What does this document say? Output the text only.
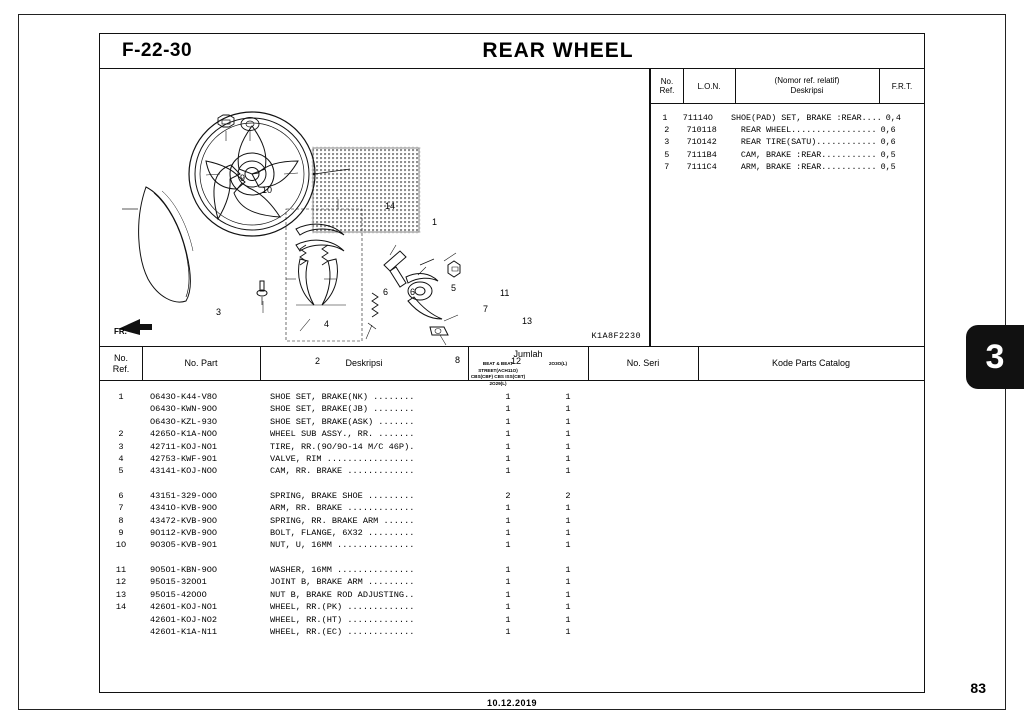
F-22-30	REAR WHEEL
9
10
14
1
3
6 6
4
2
5
7
8
11
12
13
FR.	K1A8F2230
No.
Ref.	L.O.N.
(Nomor ref. relatif)
Deskripsi	F.R.T.
1	71114O	SHOE(PAD) SET, BRAKE :REAR.... 0,4
2	710118	REAR WHEEL................. 0,6
3	71O142	REAR TIRE(SATU)............ 0,6
5	7111B4	CAM, BRAKE :REAR........... 0,5
7	7111C4	ARM, BRAKE :REAR........... 0,5
No.
Ref.
No. Part	Deskripsi
Jumlah
BEAT & BEAT STREET(ACH11O)
CBS(CBF) CBS ISS(CBT)
2O29(L)
2O3O(L)	No. Seri	Kode Parts Catalog
1	O643O-K44-V8O	SHOE SET, BRAKE(NK) ........	1	1
O643O-KWN-9OO	SHOE SET, BRAKE(JB) ........	1	1
O643O-KZL-93O	SHOE SET, BRAKE(ASK) .......	1	1
2	4265O-K1A-NOO	WHEEL SUB ASSY., RR. .......	1	1
3	42711-KOJ-NO1	TIRE, RR.(9O/9O-14 M/C 46P).	1	1
4	42753-KWF-9O1	VALVE, RIM .................	1	1
5	43141-KOJ-NOO	CAM, RR. BRAKE .............	1	1
6	43151-329-OOO	SPRING, BRAKE SHOE .........	2	2
7	4341O-KVB-9OO	ARM, RR. BRAKE .............	1	1
8	43472-KVB-9OO	SPRING, RR. BRAKE ARM ......	1	1
9	9O112-KVB-9OO	BOLT, FLANGE, 6X32 .........	1	1
1O	9O3O5-KVB-9O1	NUT, U, 16MM ...............	1	1
11	9O5O1-KBN-9OO	WASHER, 16MM ...............	1	1
12	95O15-32OO1	JOINT B, BRAKE ARM .........	1	1
13	95O15-42OOO	NUT B, BRAKE ROD ADJUSTING..	1	1
14	426O1-KOJ-NO1	WHEEL, RR.(PK) .............	1	1
426O1-KOJ-NO2	WHEEL, RR.(HT) .............	1	1
426O1-K1A-N11	WHEEL, RR.(EC) .............	1	1
3
83
10.12.2019
